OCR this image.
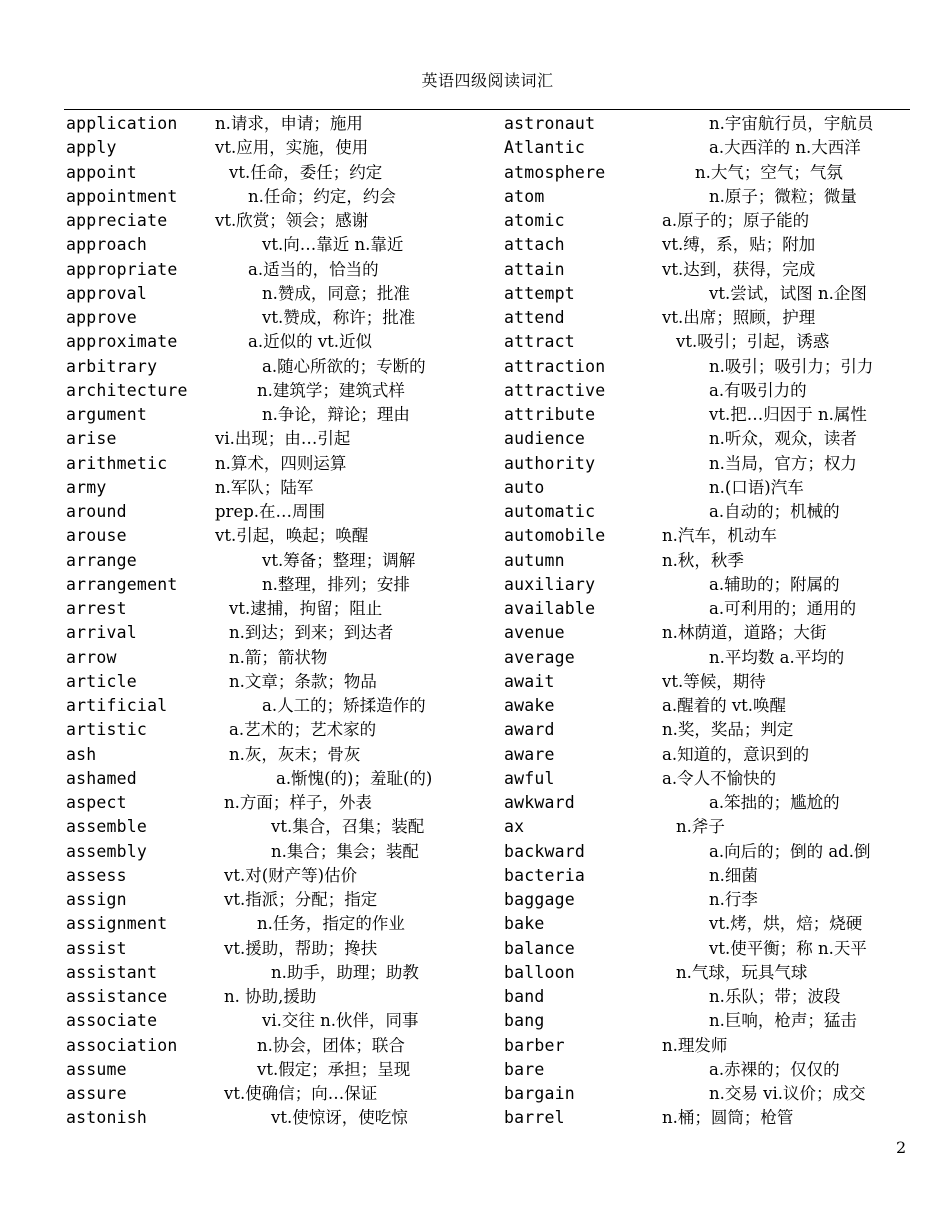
英语四级阅读词汇
application n.请求，申请；施用
apply	vt.应用，实施，使用
appoint	vt.任命，委任；约定
appointment	n.任命；约定，约会
appreciate	vt.欣赏；领会；感谢
approach	vt.向…靠近 n.靠近
appropriate	a.适当的，恰当的
approval	n.赞成，同意；批准
approve	vt.赞成，称许；批准
approximate	a.近似的 vt.近似
arbitrary	a.随心所欲的；专断的
architecture	n.建筑学；建筑式样
argument	n.争论，辩论；理由
arise	vi.出现；由…引起
arithmetic	n.算术，四则运算
army	n.军队；陆军
around	prep.在…周围
arouse	vt.引起，唤起；唤醒
arrange	vt.筹备；整理；调解
arrangement	n.整理，排列；安排
arrest	vt.逮捕，拘留；阻止
arrival	n.到达；到来；到达者
arrow	n.箭；箭状物
article	n.文章；条款；物品
artificial	a.人工的；矫揉造作的
artistic	a.艺术的；艺术家的
ash	n.灰，灰末；骨灰
ashamed	a.惭愧(的)；羞耻(的)
aspect	n.方面；样子，外表
assemble	vt.集合，召集；装配
assembly	n.集合；集会；装配
assess	vt.对(财产等)估价
assign	vt.指派；分配；指定
assignment	n.任务，指定的作业
assist	vt.援助，帮助；搀扶
assistant	n.助手，助理；助教
assistance	n. 协助,援助
associate	vi.交往 n.伙伴，同事
association	n.协会，团体；联合
assume	vt.假定；承担；呈现
assure	vt.使确信；向…保证
astonish	vt.使惊讶，使吃惊
astronaut	n.宇宙航行员，宇航员
Atlantic	a.大西洋的 n.大西洋
atmosphere	n.大气；空气；气氛
atom	n.原子；微粒；微量
atomic	a.原子的；原子能的
attach	vt.缚，系，贴；附加
attain	vt.达到，获得，完成
attempt	vt.尝试，试图 n.企图
attend	vt.出席；照顾，护理
attract	vt.吸引；引起，诱惑
attraction	n.吸引；吸引力；引力
attractive	a.有吸引力的
attribute	vt.把…归因于 n.属性
audience	n.听众，观众，读者
authority	n.当局，官方；权力
auto	n.(口语)汽车
automatic	a.自动的；机械的
automobile	n.汽车，机动车
autumn	n.秋，秋季
auxiliary	a.辅助的；附属的
available	a.可利用的；通用的
avenue	n.林荫道，道路；大街
average	n.平均数 a.平均的
await	vt.等候，期待
awake	a.醒着的 vt.唤醒
award	n.奖，奖品；判定
aware	a.知道的，意识到的
awful	a.令人不愉快的
awkward	a.笨拙的；尴尬的
ax	n.斧子
backward	a.向后的；倒的 ad.倒
bacteria	n.细菌
baggage	n.行李
bake	vt.烤，烘，焙；烧硬
balance	vt.使平衡；称 n.天平
balloon	n.气球，玩具气球
band	n.乐队；带；波段
bang	n.巨响，枪声；猛击
barber	n.理发师
bare	a.赤裸的；仅仅的
bargain	n.交易 vi.议价；成交
barrel	n.桶；圆筒；枪管
2
